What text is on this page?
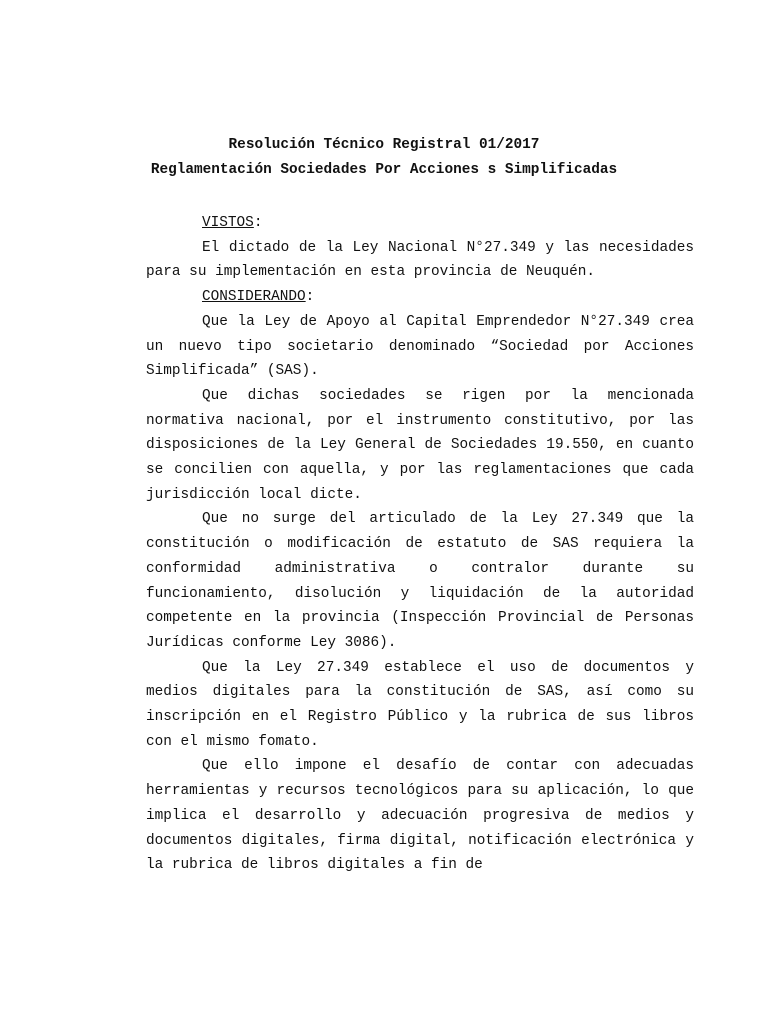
Resolución Técnico Registral 01/2017
Reglamentación Sociedades Por Acciones s Simplificadas

VISTOS:

El dictado de la Ley Nacional N°27.349 y las necesidades para su implementación en esta provincia de Neuquén.

CONSIDERANDO:

Que la Ley de Apoyo al Capital Emprendedor N°27.349 crea un nuevo tipo societario denominado “Sociedad por Acciones Simplificada” (SAS).

Que dichas sociedades se rigen por la mencionada normativa nacional, por el instrumento constitutivo, por las disposiciones de la Ley General de Sociedades 19.550, en cuanto se concilien con aquella, y por las reglamentaciones que cada jurisdicción local dicte.

Que no surge del articulado de la Ley 27.349 que la constitución o modificación de estatuto de SAS requiera la conformidad administrativa o contralor durante su funcionamiento, disolución y liquidación de la autoridad competente en la provincia (Inspección Provincial de Personas Jurídicas conforme Ley 3086).

Que la Ley 27.349 establece el uso de documentos y medios digitales para la constitución de SAS, así como su inscripción en el Registro Público y la rubrica de sus libros con el mismo fomato.

Que ello impone el desafío de contar con adecuadas herramientas y recursos tecnológicos para su aplicación, lo que implica el desarrollo y adecuación progresiva de medios y documentos digitales, firma digital, notificación electrónica y la rubrica de libros digitales a fin de
